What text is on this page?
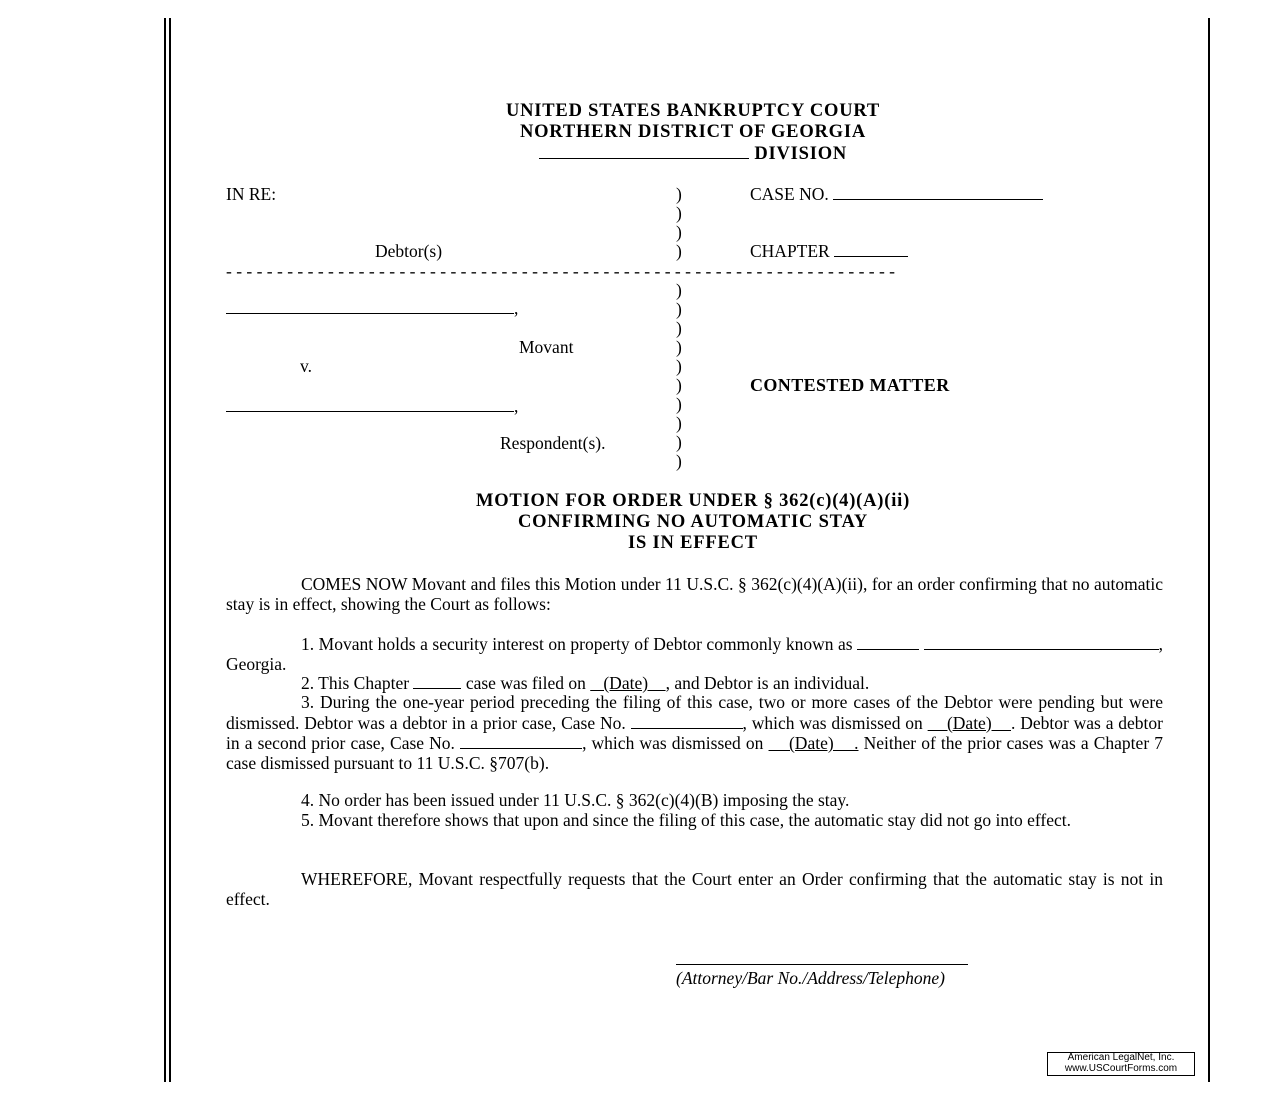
UNITED STATES BANKRUPTCY COURT
NORTHERN DISTRICT OF GEORGIA
DIVISION
IN RE:
Debtor(s)
CASE NO.
CHAPTER
)
)
)
)
- - - - - - - - - - - - - - - - - - - - - - - - - - - - - - - - - - - - - - - - - - - - - - - - - - - - - - - - - - - - - - - - - -
,
Movant
v.
,
Respondent(s).
CONTESTED MATTER
)
)
)
)
)
)
)
)
)
)
MOTION FOR ORDER UNDER § 362(c)(4)(A)(ii)
CONFIRMING NO AUTOMATIC STAY
IS IN EFFECT
COMES NOW Movant and files this Motion under 11 U.S.C. § 362(c)(4)(A)(ii), for an order confirming that no automatic stay is in effect, showing the Court as follows:
1. Movant holds a security interest on property of Debtor commonly known as	, Georgia.
2. This Chapter	case was filed on    (Date)    , and Debtor is an individual.
3. During the one-year period preceding the filing of this case, two or more cases of the Debtor were pending but were dismissed. Debtor was a debtor in a prior case, Case No.	, which was dismissed on     (Date)    . Debtor was a debtor in a second prior case, Case No.	, which was dismissed on     (Date)    . Neither of the prior cases was a Chapter 7 case dismissed pursuant to 11 U.S.C. §707(b).
4. No order has been issued under 11 U.S.C. § 362(c)(4)(B) imposing the stay.
5. Movant therefore shows that upon and since the filing of this case, the automatic stay did not go into effect.
WHEREFORE, Movant respectfully requests that the Court enter an Order confirming that the automatic stay is not in effect.
(Attorney/Bar No./Address/Telephone)
American LegalNet, Inc.
www.USCourtForms.com
